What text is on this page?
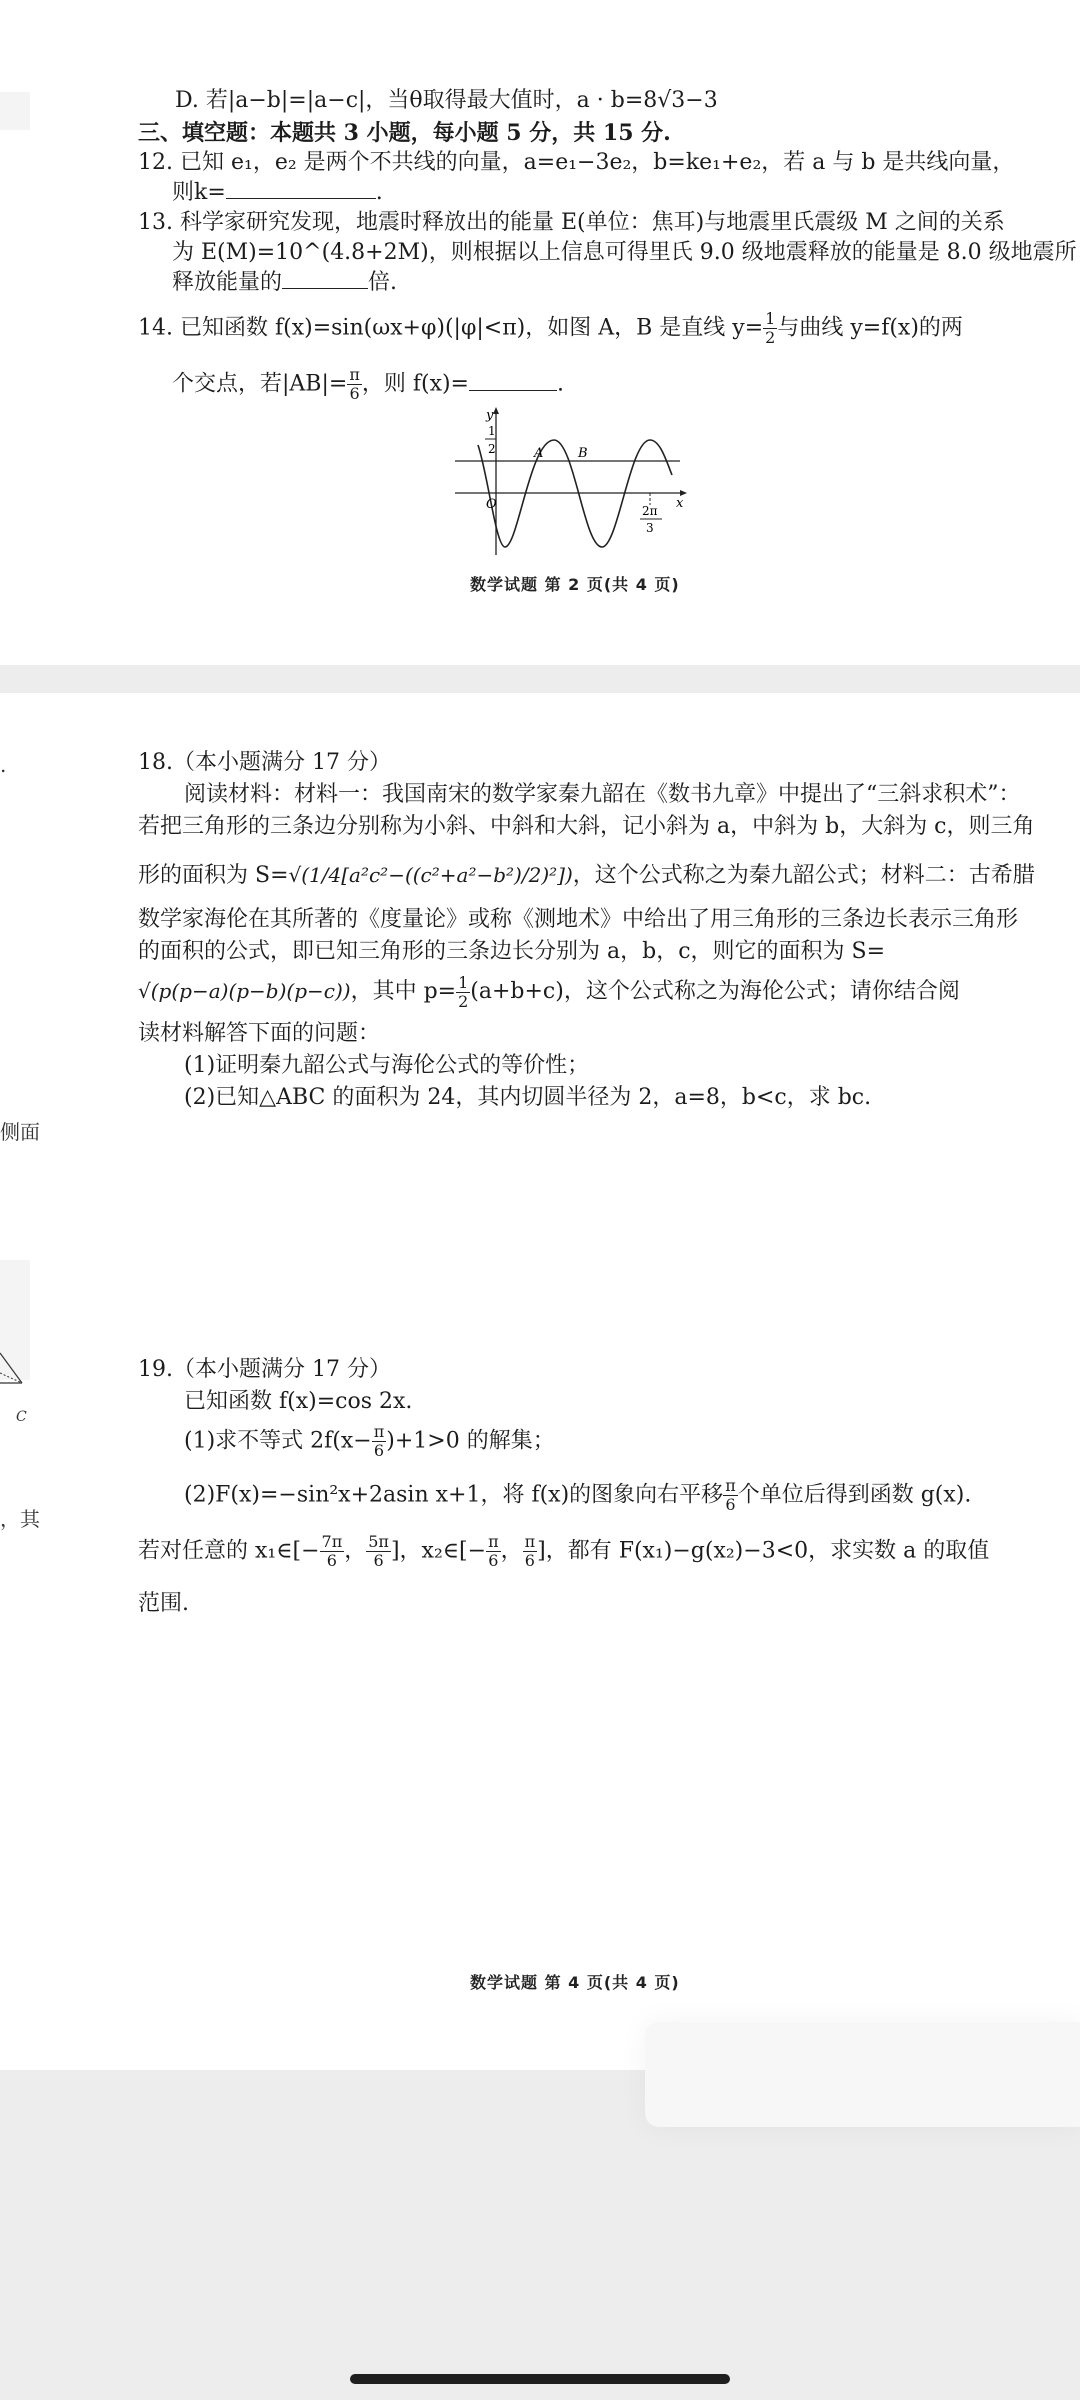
D. 若|a−b|=|a−c|，当θ取得最大值时，a · b=8√3−3
三、填空题：本题共 3 小题，每小题 5 分，共 15 分.
12. 已知 e₁，e₂ 是两个不共线的向量，a=e₁−3e₂，b=ke₁+e₂，若 a 与 b 是共线向量，
则k=	.
13. 科学家研究发现，地震时释放出的能量 E(单位：焦耳)与地震里氏震级 M 之间的关系
为 E(M)=10^(4.8+2M)，则根据以上信息可得里氏 9.0 级地震释放的能量是 8.0 级地震所
释放能量的	倍.
14. 已知函数 f(x)=sin(ωx+φ)(|φ|<π)，如图 A，B 是直线 $y= \frac{1}{2}$ 与曲线 y=f(x)的两
个交点，若$|AB|= \frac{\pi}{6}$ ，则 f(x)=	.
y
x
O
1
2	A	B
2π
3
数学试题 第 2 页(共 4 页)
.
侧面
C
，其
18.（本小题满分 17 分）
阅读材料：材料一：我国南宋的数学家秦九韶在《数书九章》中提出了“三斜求积术”：
若把三角形的三条边分别称为小斜、中斜和大斜，记小斜为 a，中斜为 b，大斜为 c，则三角
形的面积为 S=√(1/4[a²c²−((c²+a²−b²)/2)²])，这个公式称之为秦九韶公式；材料二：古希腊
数学家海伦在其所著的《度量论》或称《测地术》中给出了用三角形的三条边长表示三角形
的面积的公式，即已知三角形的三条边长分别为 a，b，c，则它的面积为 S=
√(p(p−a)(p−b)(p−c))，其中 $p= \frac{1}{2} (a+b+c)$，这个公式称之为海伦公式；请你结合阅
读材料解答下面的问题：
(1)证明秦九韶公式与海伦公式的等价性；
(2)已知△ABC 的面积为 24，其内切圆半径为 2，a=8，b<c，求 bc.
19.（本小题满分 17 分）
已知函数 f(x)=cos 2x.
(1)求不等式 $2f(x- \frac{\pi}{6} )+1>0$ 的解集；
(2)F(x)=−sin²x+2asin x+1，将 f(x)的图象向右平移 $\frac{\pi}{6}$ 个单位后得到函数 g(x).
若对任意的 x₁∈[− $\frac{7\pi}{6}$ ， $\frac{5\pi}{6}$ ]，x₂∈[− $\frac{\pi}{6}$ ， $\frac{\pi}{6}$ ]，都有 F(x₁)−g(x₂)−3<0，求实数 a 的取值
范围.
数学试题 第 4 页(共 4 页)
